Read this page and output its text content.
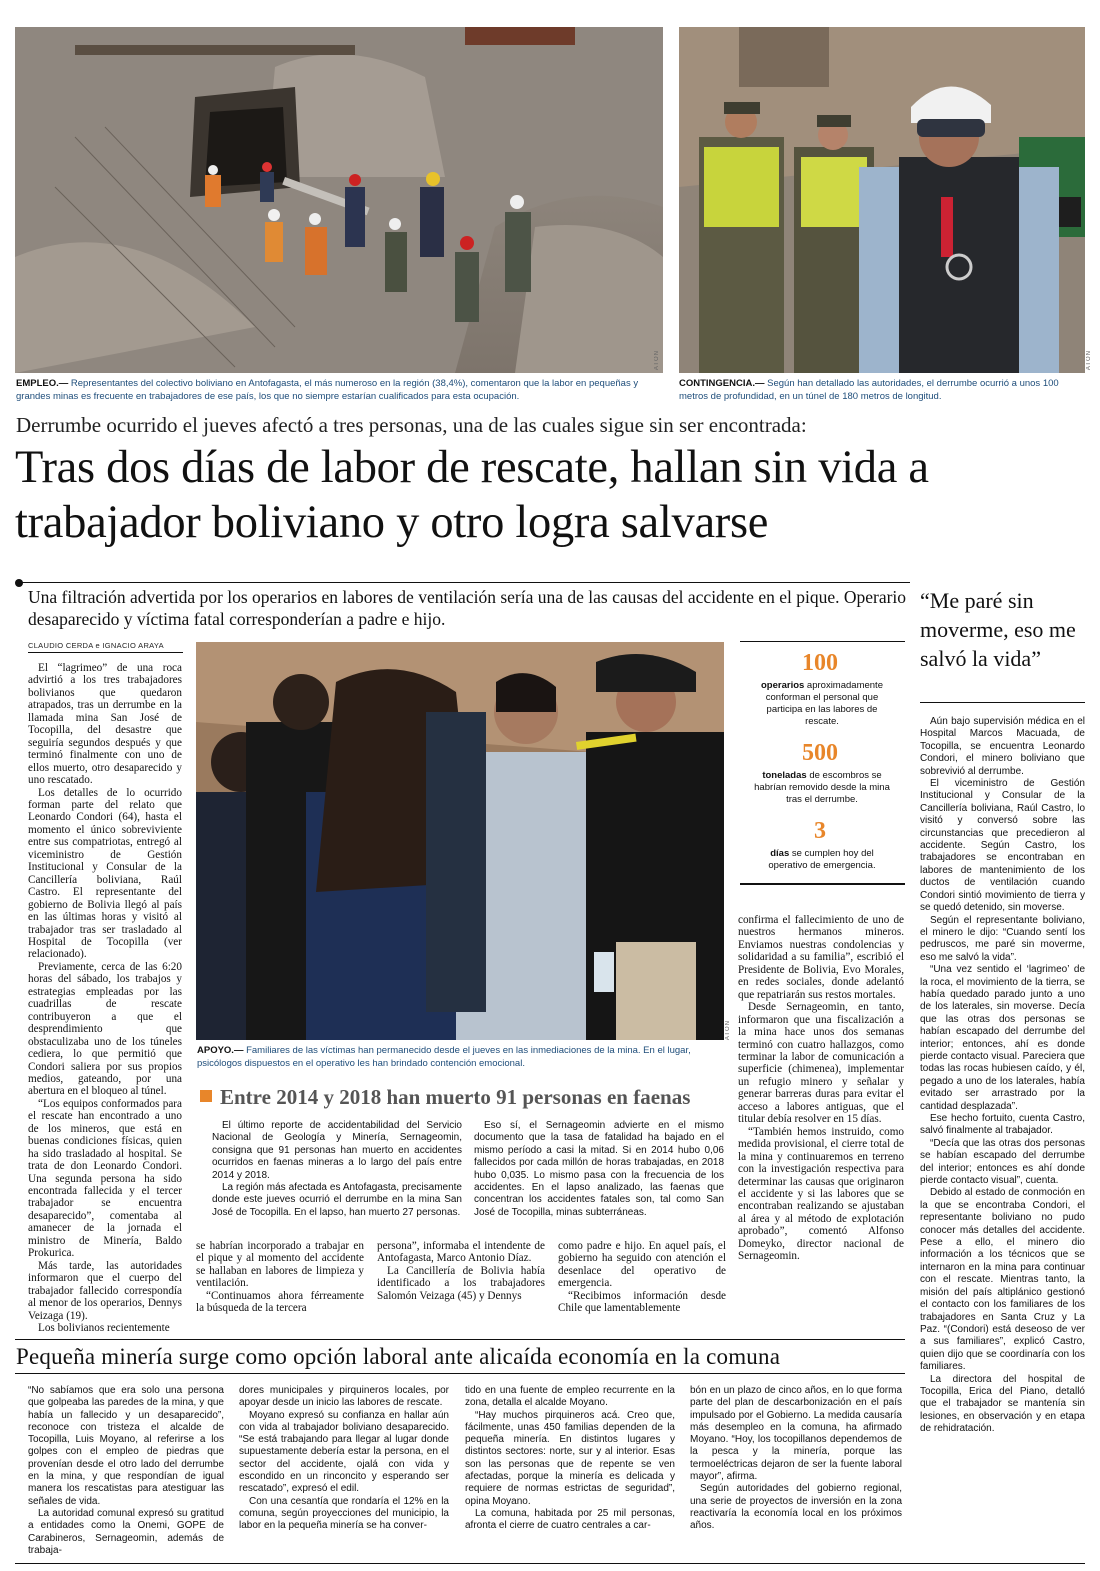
ATON	ATON
EMPLEO.— Representantes del colectivo boliviano en Antofagasta, el más numeroso en la región (38,4%), comentaron que la labor en pequeñas y grandes minas es frecuente en trabajadores de ese país, los que no siempre estarían cualificados para esta ocupación.
CONTINGENCIA.— Según han detallado las autoridades, el derrumbe ocurrió a unos 100 metros de profundidad, en un túnel de 180 metros de longitud.
Derrumbe ocurrido el jueves afectó a tres personas, una de las cuales sigue sin ser encontrada:
Tras dos días de labor de rescate, hallan sin vida a trabajador boliviano y otro logra salvarse
Una filtración advertida por los operarios en labores de ventilación sería una de las causas del accidente en el pique. Operario desaparecido y víctima fatal corresponderían a padre e hijo.
CLAUDIO CERDA e IGNACIO ARAYA

El “lagrimeo” de una roca advirtió a los tres trabajadores bolivianos que quedaron atrapados, tras un derrumbe en la llamada mina San José de Tocopilla, del desastre que seguiría segundos después y que terminó finalmente con uno de ellos muerto, otro desaparecido y uno rescatado.

Los detalles de lo ocurrido forman parte del relato que Leonardo Condori (64), hasta el momento el único sobreviviente entre sus compatriotas, entregó al viceministro de Gestión Institucional y Consular de la Cancillería boliviana, Raúl Castro. El representante del gobierno de Bolivia llegó al país en las últimas horas y visitó al trabajador tras ser trasladado al Hospital de Tocopilla (ver relacionado).

Previamente, cerca de las 6:20 horas del sábado, los trabajos y estrategias empleadas por las cuadrillas de rescate contribuyeron a que el desprendimiento que obstaculizaba uno de los túneles cediera, lo que permitió que Condori saliera por sus propios medios, gateando, por una abertura en el bloqueo al túnel.

“Los equipos conformados para el rescate han encontrado a uno de los mineros, que está en buenas condiciones físicas, quien ha sido trasladado al hospital. Se trata de don Leonardo Condori. Una segunda persona ha sido encontrada fallecida y el tercer trabajador se encuentra desaparecido”, comentaba al amanecer de la jornada el ministro de Minería, Baldo Prokurica.

Más tarde, las autoridades informaron que el cuerpo del trabajador fallecido correspondía al menor de los operarios, Dennys Veizaga (19).

Los bolivianos recientemente

ATON
APOYO.— Familiares de las víctimas han permanecido desde el jueves en las inmediaciones de la mina. En el lugar, psicólogos dispuestos en el operativo les han brindado contención emocional.
100
operarios aproximadamente conforman el personal que participa en las labores de rescate.
500
toneladas de escombros se habrían removido desde la mina tras el derrumbe.
3
días se cumplen hoy del operativo de emergencia.

confirma el fallecimiento de uno de nuestros hermanos mineros. Enviamos nuestras condolencias y solidaridad a su familia”, escribió el Presidente de Bolivia, Evo Morales, en redes sociales, donde adelantó que repatriarán sus restos mortales.

Desde Sernageomin, en tanto, informaron que una fiscalización a la mina hace unos dos semanas terminó con cuatro hallazgos, como terminar la labor de comunicación a superficie (chimenea), implementar un refugio minero y señalar y generar barreras duras para evitar el acceso a labores antiguas, que el titular debía resolver en 15 días.

“También hemos instruido, como medida provisional, el cierre total de la mina y continuaremos en terreno con la investigación respectiva para determinar las causas que originaron el accidente y si las labores que se encontraban realizando se ajustaban al área y al método de explotación aprobado”, comentó Alfonso Domeyko, director nacional de Sernageomin.

Entre 2014 y 2018 han muerto 91 personas en faenas

El último reporte de accidentabilidad del Servicio Nacional de Geología y Minería, Sernageomin, consigna que 91 personas han muerto en accidentes ocurridos en faenas mineras a lo largo del país entre 2014 y 2018.

La región más afectada es Antofagasta, precisamente donde este jueves ocurrió el derrumbe en la mina San José de Tocopilla. En el lapso, han muerto 27 personas.

Eso sí, el Sernageomin advierte en el mismo documento que la tasa de fatalidad ha bajado en el mismo período a casi la mitad. Si en 2014 hubo 0,06 fallecidos por cada millón de horas trabajadas, en 2018 hubo 0,035. Lo mismo pasa con la frecuencia de los accidentes. En el lapso analizado, las faenas que concentran los accidentes fatales son, tal como San José de Tocopilla, minas subterráneas.

se habrían incorporado a trabajar en el pique y al momento del accidente se hallaban en labores de limpieza y ventilación.

“Continuamos ahora férreamente la búsqueda de la tercera

persona”, informaba el intendente de Antofagasta, Marco Antonio Díaz.

La Cancillería de Bolivia había identificado a los trabajadores Salomón Veizaga (45) y Dennys

como padre e hijo. En aquel país, el gobierno ha seguido con atención el desenlace del operativo de emergencia.

“Recibimos información desde Chile que lamentablemente

“Me paré sin moverme, eso me salvó la vida”

Aún bajo supervisión médica en el Hospital Marcos Macuada, de Tocopilla, se encuentra Leonardo Condori, el minero boliviano que sobrevivió al derrumbe.

El viceministro de Gestión Institucional y Consular de la Cancillería boliviana, Raúl Castro, lo visitó y conversó sobre las circunstancias que precedieron al accidente. Según Castro, los trabajadores se encontraban en labores de mantenimiento de los ductos de ventilación cuando Condori sintió movimiento de tierra y se quedó detenido, sin moverse.

Según el representante boliviano, el minero le dijo: “Cuando sentí los pedruscos, me paré sin moverme, eso me salvó la vida”.

“Una vez sentido el ‘lagrimeo’ de la roca, el movimiento de la tierra, se había quedado parado junto a uno de los laterales, sin moverse. Decía que las otras dos personas se habían escapado del derrumbe del interior; entonces, ahí es donde pierde contacto visual. Pareciera que todas las rocas hubiesen caído, y él, pegado a uno de los laterales, había evitado ser arrastrado por la cantidad desplazada”.

Ese hecho fortuito, cuenta Castro, salvó finalmente al trabajador.

“Decía que las otras dos personas se habían escapado del derrumbe del interior; entonces es ahí donde pierde contacto visual”, cuenta.

Debido al estado de conmoción en la que se encontraba Condori, el representante boliviano no pudo conocer más detalles del accidente. Pese a ello, el minero dio información a los técnicos que se internaron en la mina para continuar con el rescate. Mientras tanto, la misión del país altiplánico gestionó el contacto con los familiares de los trabajadores en Santa Cruz y La Paz. “(Condori) está deseoso de ver a sus familiares”, explicó Castro, quien dijo que se coordinaría con los familiares.

La directora del hospital de Tocopilla, Erica del Piano, detalló que el trabajador se mantenía sin lesiones, en observación y en etapa de rehidratación.

Pequeña minería surge como opción laboral ante alicaída economía en la comuna

“No sabíamos que era solo una persona que golpeaba las paredes de la mina, y que había un fallecido y un desaparecido”, reconoce con tristeza el alcalde de Tocopilla, Luis Moyano, al referirse a los golpes con el empleo de piedras que provenían desde el otro lado del derrumbe en la mina, y que respondían de igual manera los rescatistas para atestiguar las señales de vida.

La autoridad comunal expresó su gratitud a entidades como la Onemi, GOPE de Carabineros, Sernageomin, además de trabaja-

dores municipales y pirquineros locales, por apoyar desde un inicio las labores de rescate.

Moyano expresó su confianza en hallar aún con vida al trabajador boliviano desaparecido. “Se está trabajando para llegar al lugar donde supuestamente debería estar la persona, en el sector del accidente, ojalá con vida y escondido en un rinconcito y esperando ser rescatado”, expresó el edil.

Con una cesantía que rondaría el 12% en la comuna, según proyecciones del municipio, la labor en la pequeña minería se ha conver-

tido en una fuente de empleo recurrente en la zona, detalla el alcalde Moyano.

“Hay muchos pirquineros acá. Creo que, fácilmente, unas 450 familias dependen de la pequeña minería. En distintos lugares y distintos sectores: norte, sur y al interior. Esas son las personas que de repente se ven afectadas, porque la minería es delicada y requiere de normas estrictas de seguridad”, opina Moyano.

La comuna, habitada por 25 mil personas, afronta el cierre de cuatro centrales a car-

bón en un plazo de cinco años, en lo que forma parte del plan de descarbonización en el país impulsado por el Gobierno. La medida causaría más desempleo en la comuna, ha afirmado Moyano. “Hoy, los tocopillanos dependemos de la pesca y la minería, porque las termoeléctricas dejaron de ser la fuente laboral mayor”, afirma.

Según autoridades del gobierno regional, una serie de proyectos de inversión en la zona reactivaría la economía local en los próximos años.
